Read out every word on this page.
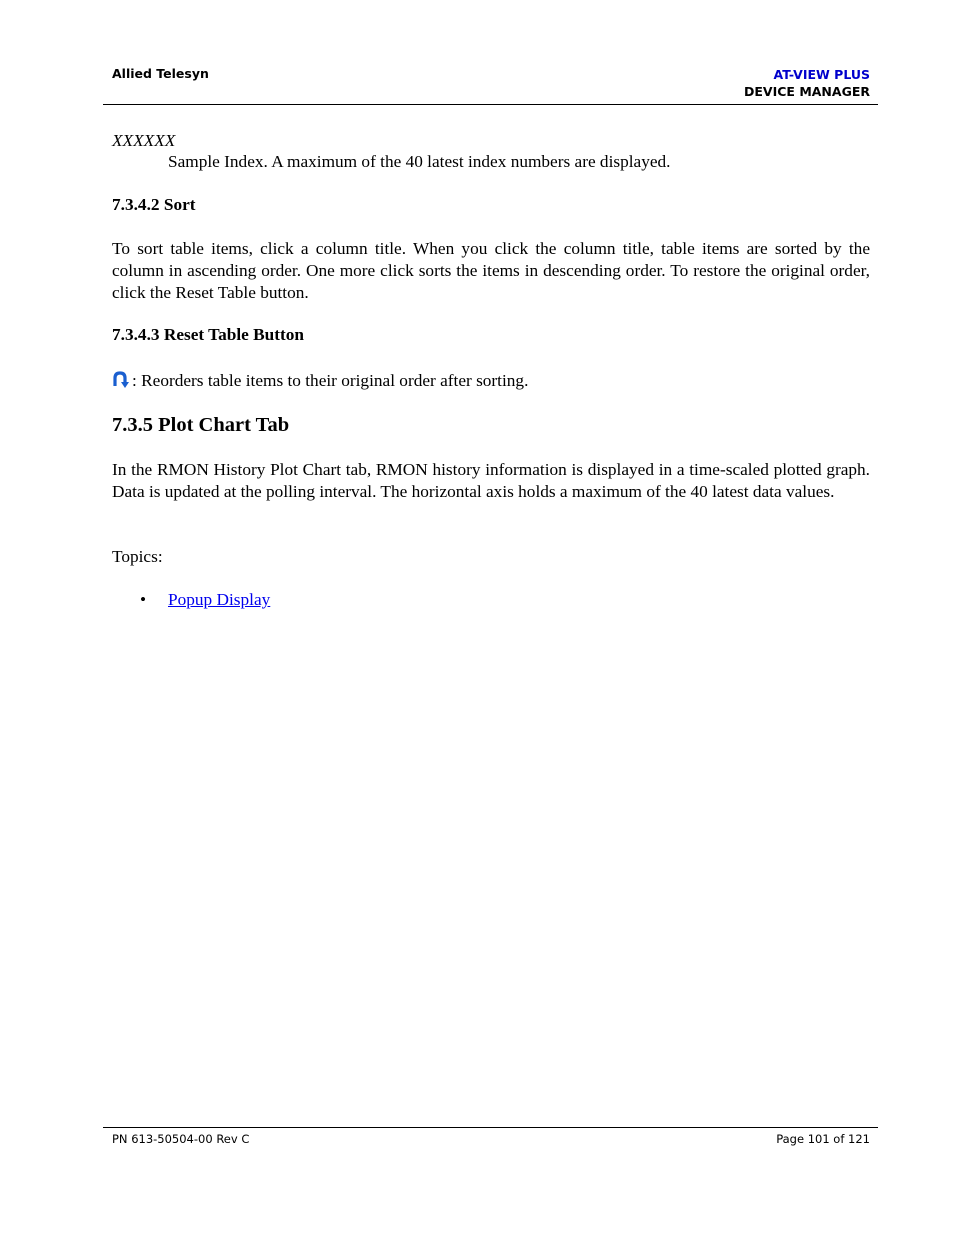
Allied Telesyn	AT-VIEW PLUS
DEVICE MANAGER
XXXXXX
Sample Index. A maximum of the 40 latest index numbers are displayed.
7.3.4.2 Sort
To sort table items, click a column title. When you click the column title, table items are sorted by the column in ascending order. One more click sorts the items in descending order. To restore the original order, click the Reset Table button.
7.3.4.3 Reset Table Button
: Reorders table items to their original order after sorting.
7.3.5 Plot Chart Tab
In the RMON History Plot Chart tab, RMON history information is displayed in a time-scaled plotted graph. Data is updated at the polling interval. The horizontal axis holds a maximum of the 40 latest data values.
Topics:
•	Popup Display
PN 613-50504-00 Rev C	Page 101 of 121
